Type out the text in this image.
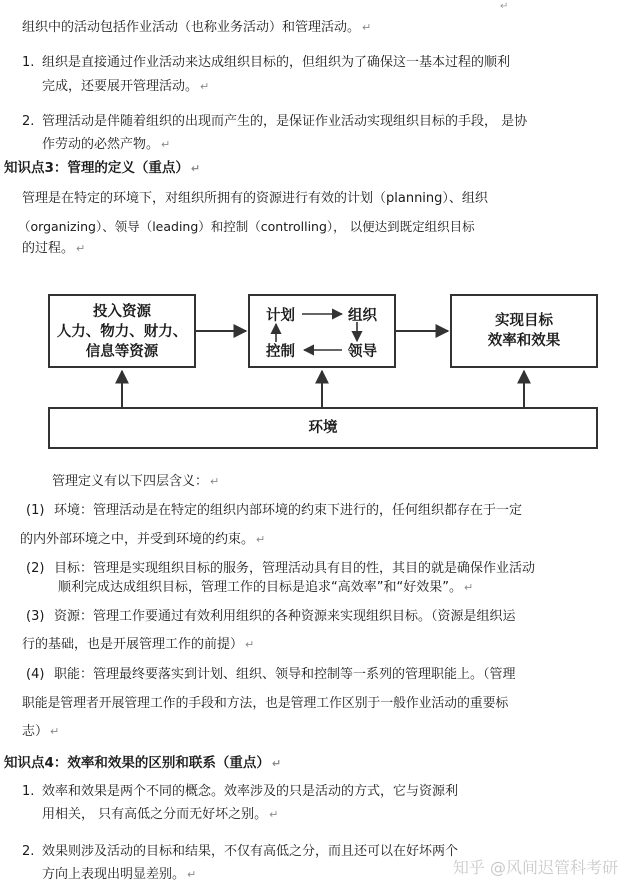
↵
组织中的活动包括作业活动（也称业务活动）和管理活动。 ↵
1. 组织是直接通过作业活动来达成组织目标的，但组织为了确保这一基本过程的顺利
完成，还要展开管理活动。 ↵
2. 管理活动是伴随着组织的出现而产生的，是保证作业活动实现组织目标的手段， 是协
作劳动的必然产物。 ↵
知识点3：管理的定义（重点） ↵
管理是在特定的环境下，对组织所拥有的资源进行有效的计划（planning）、组织
（organizing）、领导（leading）和控制（controlling）， 以便达到既定组织目标
的过程。 ↵
投入资源
人力、物力、财力、
信息等资源
计划	组织
控制	领导
实现目标
效率和效果
环境
管理定义有以下四层含义： ↵
(1) 环境：管理活动是在特定的组织内部环境的约束下进行的，任何组织都存在于一定
的内外部环境之中，并受到环境的约束。 ↵
(2) 目标：管理是实现组织目标的服务，管理活动具有目的性，其目的就是确保作业活动
顺利完成达成组织目标，管理工作的目标是追求“高效率”和“好效果”。 ↵
(3) 资源：管理工作要通过有效利用组织的各种资源来实现组织目标。（资源是组织运
行的基础，也是开展管理工作的前提） ↵
(4) 职能：管理最终要落实到计划、组织、领导和控制等一系列的管理职能上。（管理
职能是管理者开展管理工作的手段和方法，也是管理工作区别于一般作业活动的重要标
志） ↵
知识点4：效率和效果的区别和联系（重点） ↵
1. 效率和效果是两个不同的概念。效率涉及的只是活动的方式，它与资源利
用相关， 只有高低之分而无好坏之别。 ↵
2. 效果则涉及活动的目标和结果，不仅有高低之分，而且还可以在好坏两个
方向上表现出明显差别。 ↵	知乎 @风间迟管科考研
